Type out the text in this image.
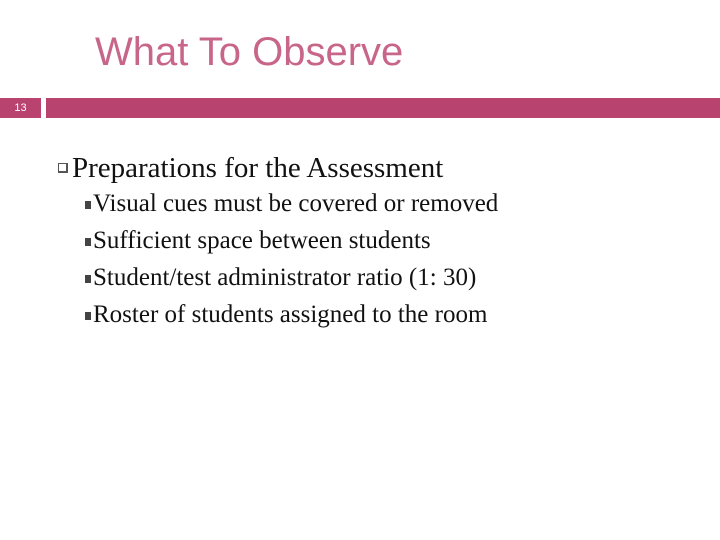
What To Observe
13
Preparations for the Assessment
Visual cues must be covered or removed
Sufficient space between students
Student/test administrator ratio (1: 30)
Roster of students assigned to the room
